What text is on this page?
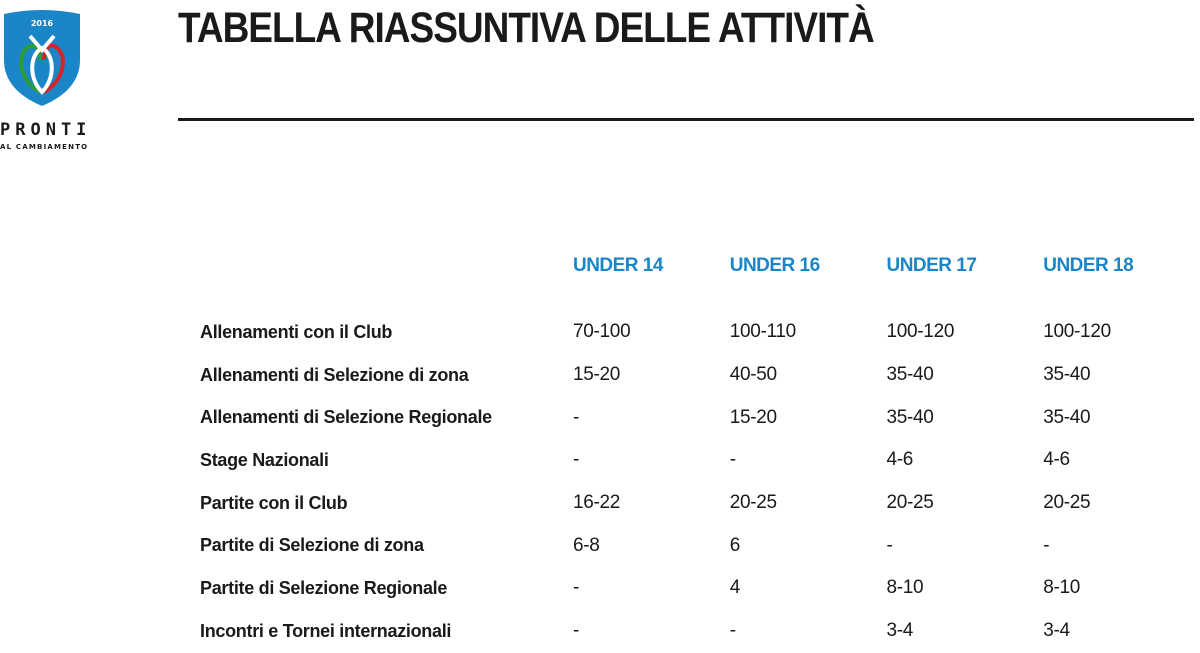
2016
PRONTI
AL CAMBIAMENTO
TABELLA RIASSUNTIVA DELLE ATTIVITÀ
	UNDER 14	UNDER 16	UNDER 17	UNDER 18

Allenamenti con il Club	70-100	100-110	100-120	100-120
Allenamenti di Selezione di zona	15-20	40-50	35-40	35-40
Allenamenti di Selezione Regionale	-	15-20	35-40	35-40
Stage Nazionali	-	-	4-6	4-6
Partite con il Club	16-22	20-25	20-25	20-25
Partite di Selezione di zona	6-8	6	-	-
Partite di Selezione Regionale	-	4	8-10	8-10
Incontri e Tornei internazionali	-	-	3-4	3-4
